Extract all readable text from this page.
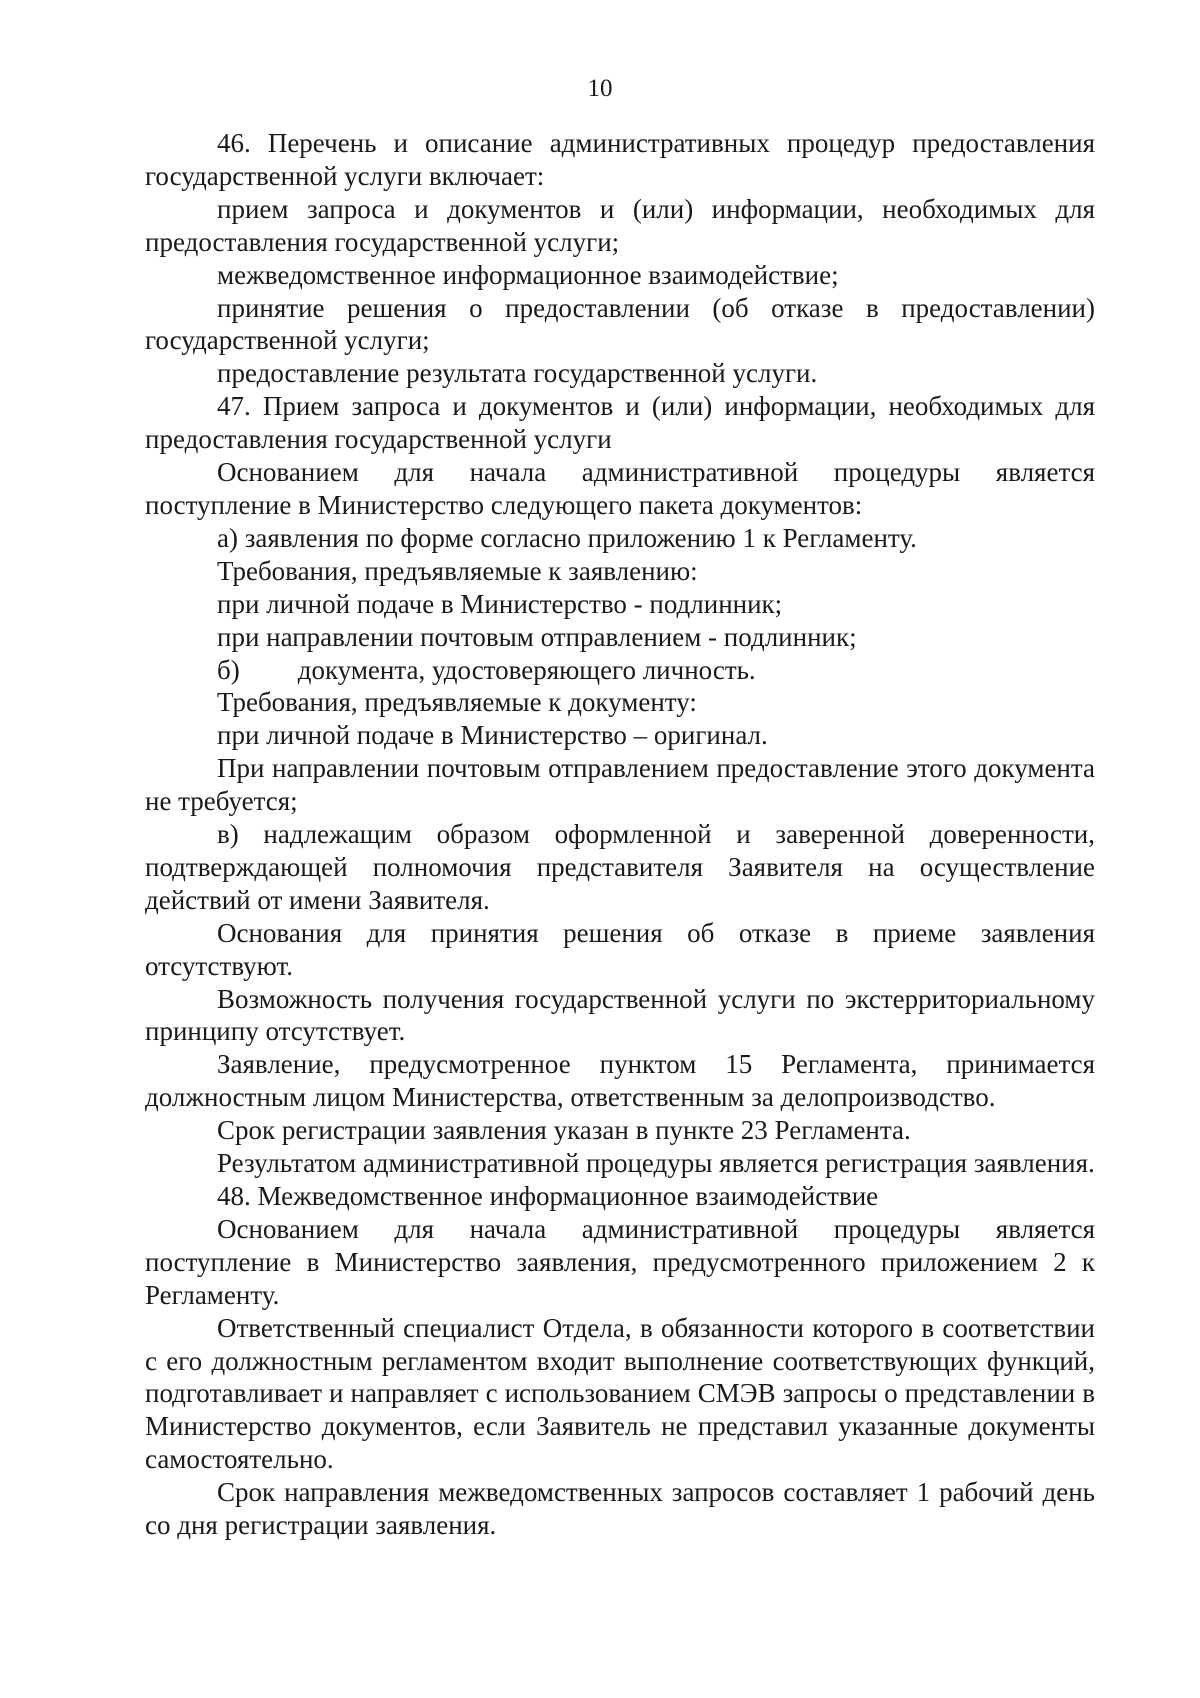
10

46. Перечень и описание административных процедур предоставления государственной услуги включает:

прием запроса и документов и (или) информации, необходимых для предоставления государственной услуги;

межведомственное информационное взаимодействие;

принятие решения о предоставлении (об отказе в предоставлении) государственной услуги;

предоставление результата государственной услуги.

47. Прием запроса и документов и (или) информации, необходимых для предоставления государственной услуги

Основанием для начала административной процедуры является поступление в Министерство следующего пакета документов:

а) заявления по форме согласно приложению 1 к Регламенту.

Требования, предъявляемые к заявлению:

при личной подаче в Министерство - подлинник;

при направлении почтовым отправлением - подлинник;

б) документа, удостоверяющего личность.

Требования, предъявляемые к документу:

при личной подаче в Министерство – оригинал.

При направлении почтовым отправлением предоставление этого документа не требуется;

в) надлежащим образом оформленной и заверенной доверенности, подтверждающей полномочия представителя Заявителя на осуществление действий от имени Заявителя.

Основания для принятия решения об отказе в приеме заявления отсутствуют.

Возможность получения государственной услуги по экстерриториальному принципу отсутствует.

Заявление, предусмотренное пунктом 15 Регламента, принимается должностным лицом Министерства, ответственным за делопроизводство.

Срок регистрации заявления указан в пункте 23 Регламента.

Результатом административной процедуры является регистрация заявления.

48. Межведомственное информационное взаимодействие

Основанием для начала административной процедуры является поступление в Министерство заявления, предусмотренного приложением 2 к Регламенту.

Ответственный специалист Отдела, в обязанности которого в соответствии с его должностным регламентом входит выполнение соответствующих функций, подготавливает и направляет с использованием СМЭВ запросы о представлении в Министерство документов, если Заявитель не представил указанные документы самостоятельно.

Срок направления межведомственных запросов составляет 1 рабочий день со дня регистрации заявления.
